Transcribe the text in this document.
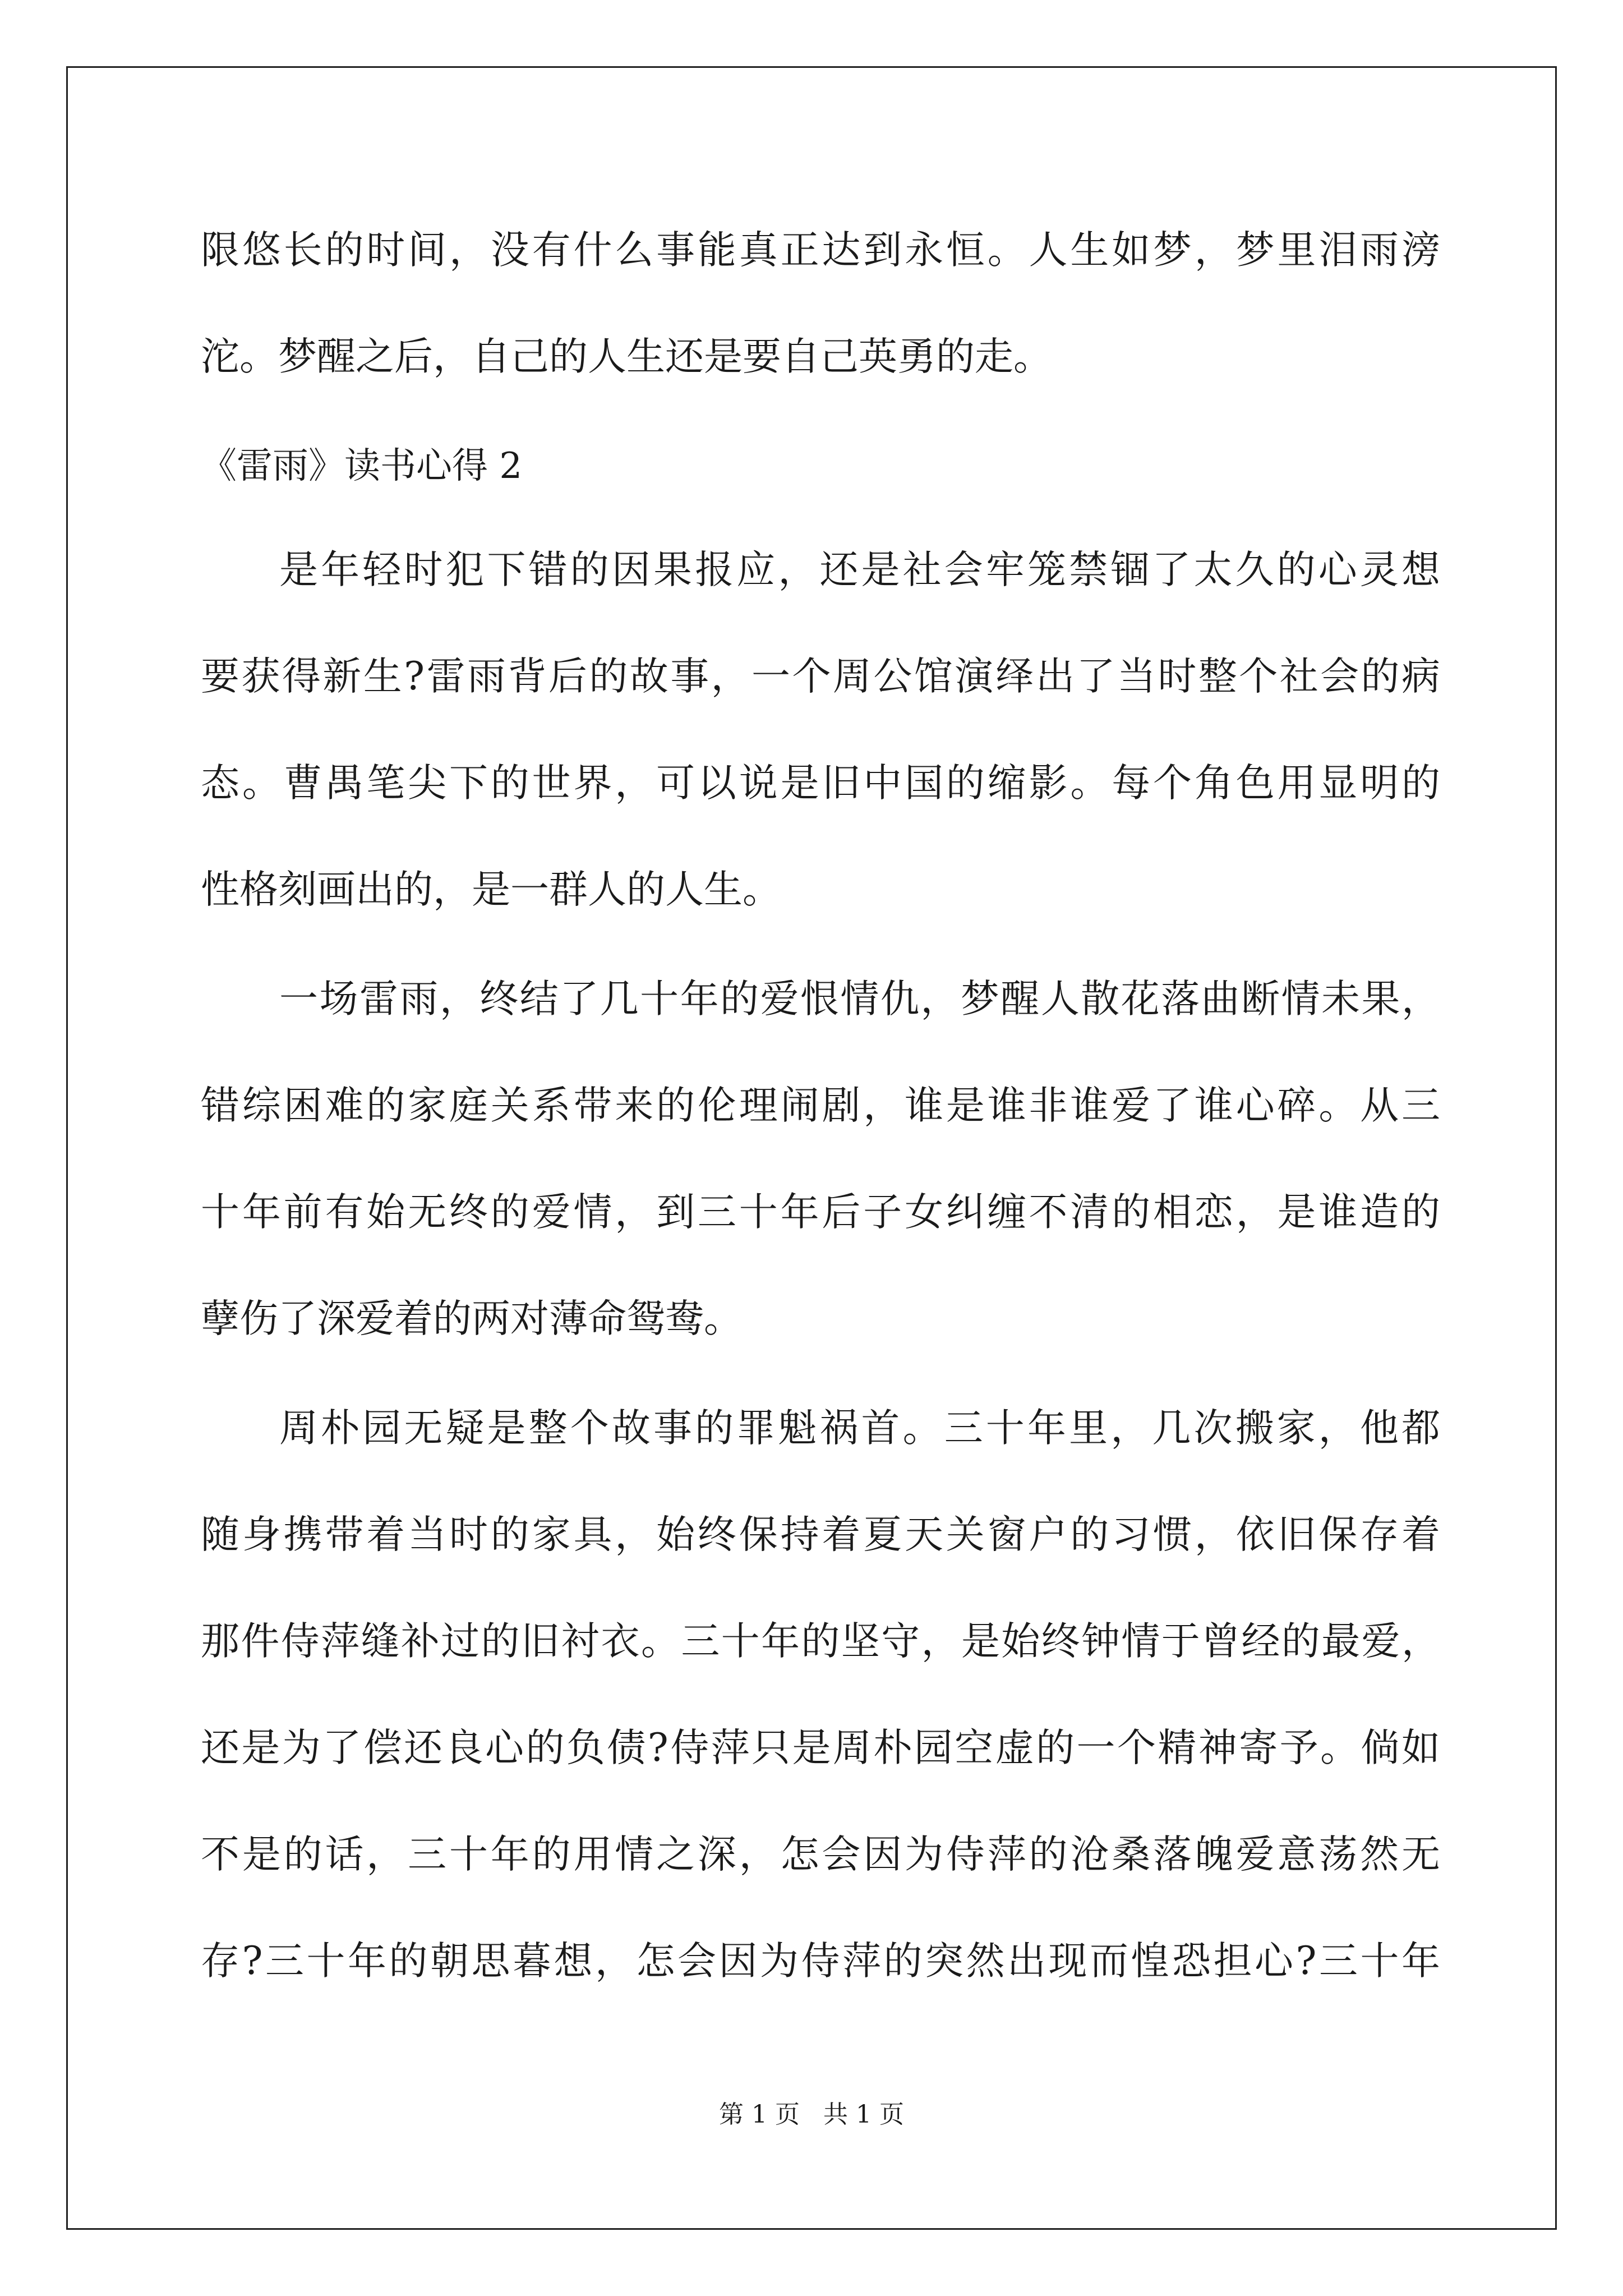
限悠长的时间，没有什么事能真正达到永恒。人生如梦，梦里泪雨滂
沱。梦醒之后，自己的人生还是要自己英勇的走。
《雷雨》读书心得 2
是年轻时犯下错的因果报应，还是社会牢笼禁锢了太久的心灵想
要获得新生?雷雨背后的故事，一个周公馆演绎出了当时整个社会的病
态。曹禺笔尖下的世界，可以说是旧中国的缩影。每个角色用显明的
性格刻画出的，是一群人的人生。
一场雷雨，终结了几十年的爱恨情仇，梦醒人散花落曲断情未果，
错综困难的家庭关系带来的伦理闹剧，谁是谁非谁爱了谁心碎。从三
十年前有始无终的爱情，到三十年后子女纠缠不清的相恋，是谁造的
孽伤了深爱着的两对薄命鸳鸯。
周朴园无疑是整个故事的罪魁祸首。三十年里，几次搬家，他都
随身携带着当时的家具，始终保持着夏天关窗户的习惯，依旧保存着
那件侍萍缝补过的旧衬衣。三十年的坚守，是始终钟情于曾经的最爱，
还是为了偿还良心的负债?侍萍只是周朴园空虚的一个精神寄予。倘如
不是的话，三十年的用情之深，怎会因为侍萍的沧桑落魄爱意荡然无
存?三十年的朝思暮想，怎会因为侍萍的突然出现而惶恐担心?三十年
第 1 页   共 1 页
